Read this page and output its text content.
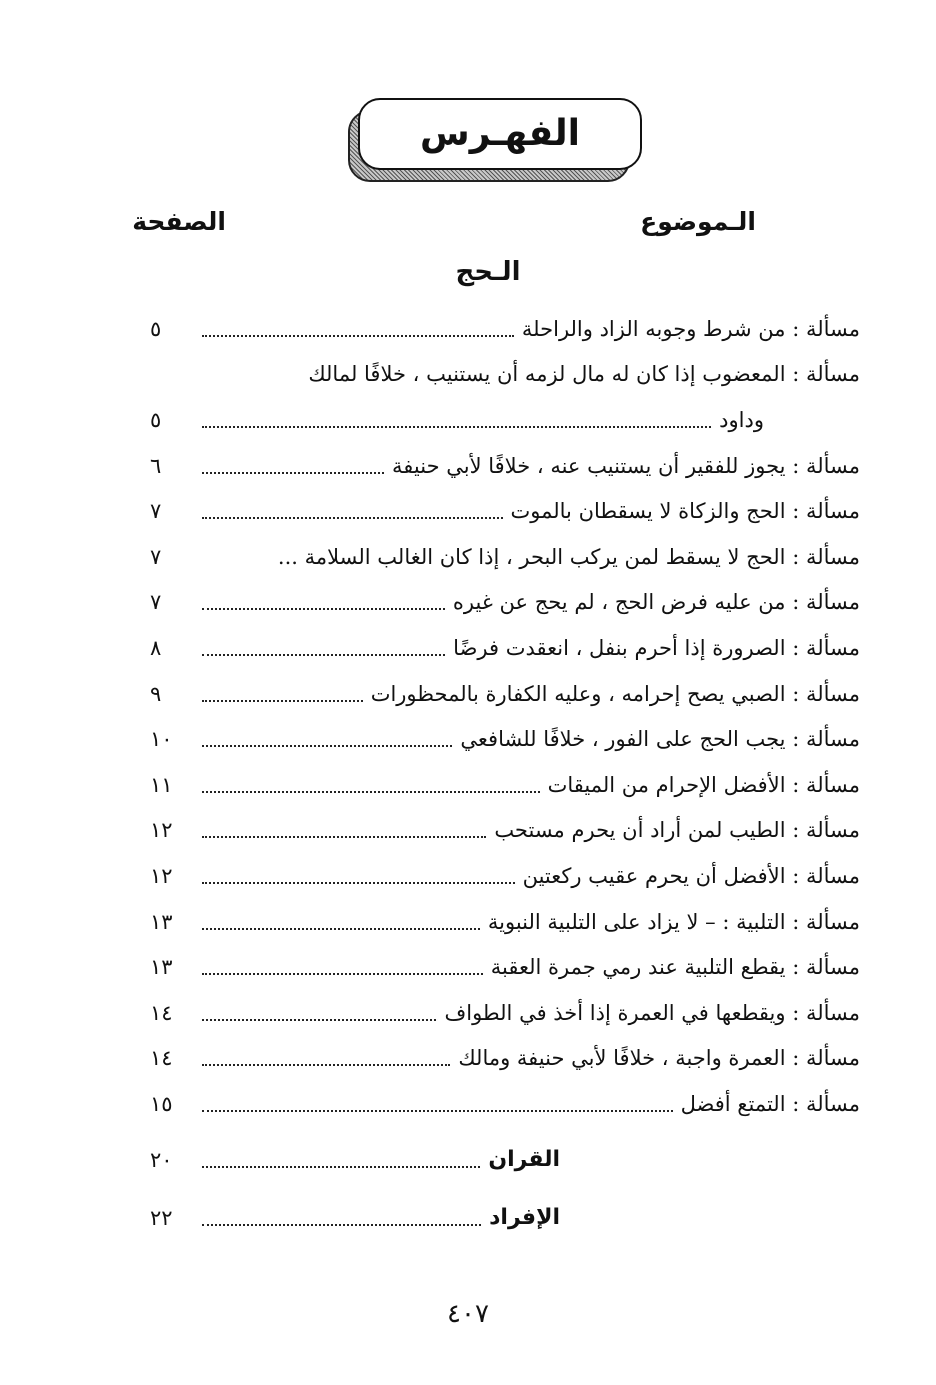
الفهـرس
الـموضوع
الصفحة
الـحج
مسألة : من شرط وجوبه الزاد والراحلة
٥
مسألة : المعضوب إذا كان له مال لزمه أن يستنيب ، خلافًا لمالك
وداود
٥
مسألة : يجوز للفقير أن يستنيب عنه ، خلافًا لأبي حنيفة
٦
مسألة : الحج والزكاة لا يسقطان بالموت
٧
مسألة : الحج لا يسقط لمن يركب البحر ، إذا كان الغالب السلامة ...
٧
مسألة : من عليه فرض الحج ، لم يحج عن غيره
٧
مسألة : الصرورة إذا أحرم بنفل ، انعقدت فرضًا
٨
مسألة : الصبي يصح إحرامه ، وعليه الكفارة بالمحظورات
٩
مسألة : يجب الحج على الفور ، خلافًا للشافعي
١٠
مسألة : الأفضل الإحرام من الميقات
١١
مسألة : الطيب لمن أراد أن يحرم مستحب
١٢
مسألة : الأفضل أن يحرم عقيب ركعتين
١٢
مسألة : التلبية : – لا يزاد على التلبية النبوية
١٣
مسألة : يقطع التلبية عند رمي جمرة العقبة
١٣
مسألة : ويقطعها في العمرة إذا أخذ في الطواف
١٤
مسألة : العمرة واجبة ، خلافًا لأبي حنيفة ومالك
١٤
مسألة : التمتع أفضل
١٥
القران
٢٠
الإفراد
٢٢
٤٠٧
